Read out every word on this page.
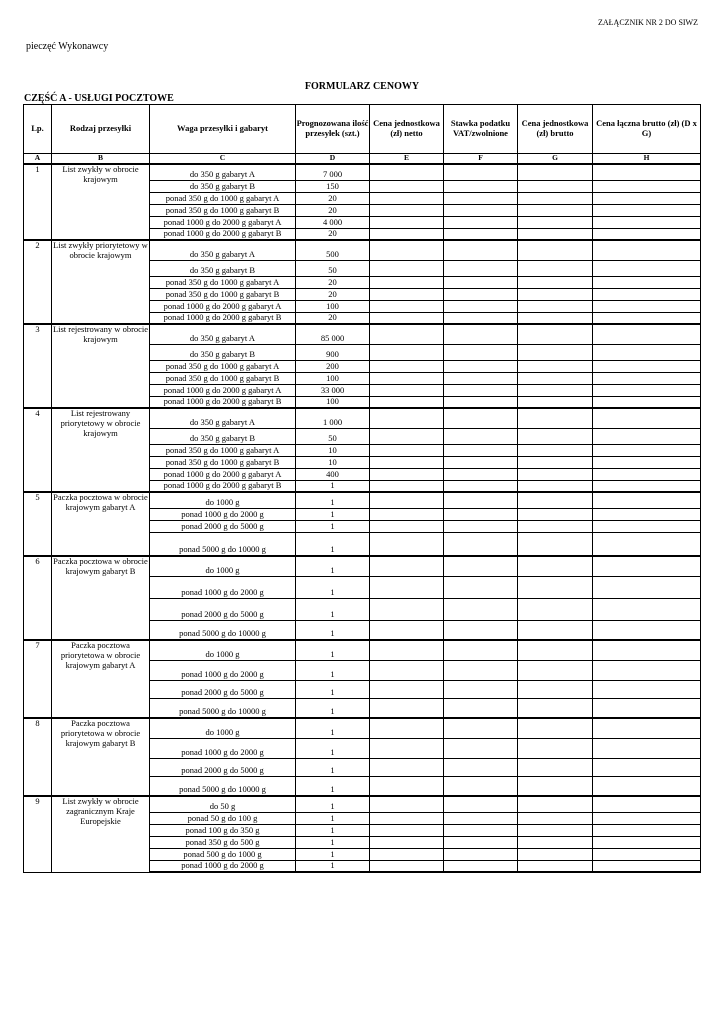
ZAŁĄCZNIK NR 2 DO SIWZ
pieczęć Wykonawcy
FORMULARZ CENOWY
CZĘŚĆ A - USŁUGI POCZTOWE
Lp.	Rodzaj przesyłki	Waga przesyłki i gabaryt	Prognozowana ilość przesyłek (szt.)	Cena jednostkowa (zł) netto	Stawka podatku VAT/zwolnione	Cena jednostkowa (zł) brutto	Cena łączna brutto (zł) (D x G)
A	B	C	D	E	F	G	H
1	List zwykły w obrocie krajowym	do 350 g gabaryt A	7 000				
		do 350 g gabaryt B	150				
		ponad 350 g do 1000 g gabaryt A	20				
		ponad 350 g do 1000 g gabaryt B	20				
		ponad 1000 g do 2000 g gabaryt A	4 000				
		ponad 1000 g do 2000 g gabaryt B	20				
2	List zwykły priorytetowy w obrocie krajowym	do 350 g gabaryt A	500				
		do 350 g gabaryt B	50				
		ponad 350 g do 1000 g gabaryt A	20				
		ponad 350 g do 1000 g gabaryt B	20				
		ponad 1000 g do 2000 g gabaryt A	100				
		ponad 1000 g do 2000 g gabaryt B	20				
3	List rejestrowany w obrocie krajowym	do 350 g gabaryt A	85 000				
		do 350 g gabaryt B	900				
		ponad 350 g do 1000 g gabaryt A	200				
		ponad 350 g do 1000 g gabaryt B	100				
		ponad 1000 g do 2000 g gabaryt A	33 000				
		ponad 1000 g do 2000 g gabaryt B	100				
4	List rejestrowany priorytetowy w obrocie krajowym	do 350 g gabaryt A	1 000				
		do 350 g gabaryt B	50				
		ponad 350 g do 1000 g gabaryt A	10				
		ponad 350 g do 1000 g gabaryt B	10				
		ponad 1000 g do 2000 g gabaryt A	400				
		ponad 1000 g do 2000 g gabaryt B	1				
5	Paczka pocztowa w obrocie krajowym gabaryt A	do 1000 g	1				
		ponad 1000 g do 2000 g	1				
		ponad 2000 g do 5000 g	1				
		ponad 5000 g do 10000 g	1				
6	Paczka pocztowa w obrocie krajowym gabaryt B	do 1000 g	1				
		ponad 1000 g do 2000 g	1				
		ponad 2000 g do 5000 g	1				
		ponad 5000 g do 10000 g	1				
7	Paczka pocztowa priorytetowa w obrocie krajowym gabaryt A	do 1000 g	1				
		ponad 1000 g do 2000 g	1				
		ponad 2000 g do 5000 g	1				
		ponad 5000 g do 10000 g	1				
8	Paczka pocztowa priorytetowa w obrocie krajowym gabaryt B	do 1000 g	1				
		ponad 1000 g do 2000 g	1				
		ponad 2000 g do 5000 g	1				
		ponad 5000 g do 10000 g	1				
9	List zwykły w obrocie zagranicznym Kraje Europejskie	do 50 g	1				
		ponad 50 g do 100 g	1				
		ponad 100 g do 350 g	1				
		ponad 350 g do 500 g	1				
		ponad 500 g do 1000 g	1				
		ponad 1000 g do 2000 g	1				
